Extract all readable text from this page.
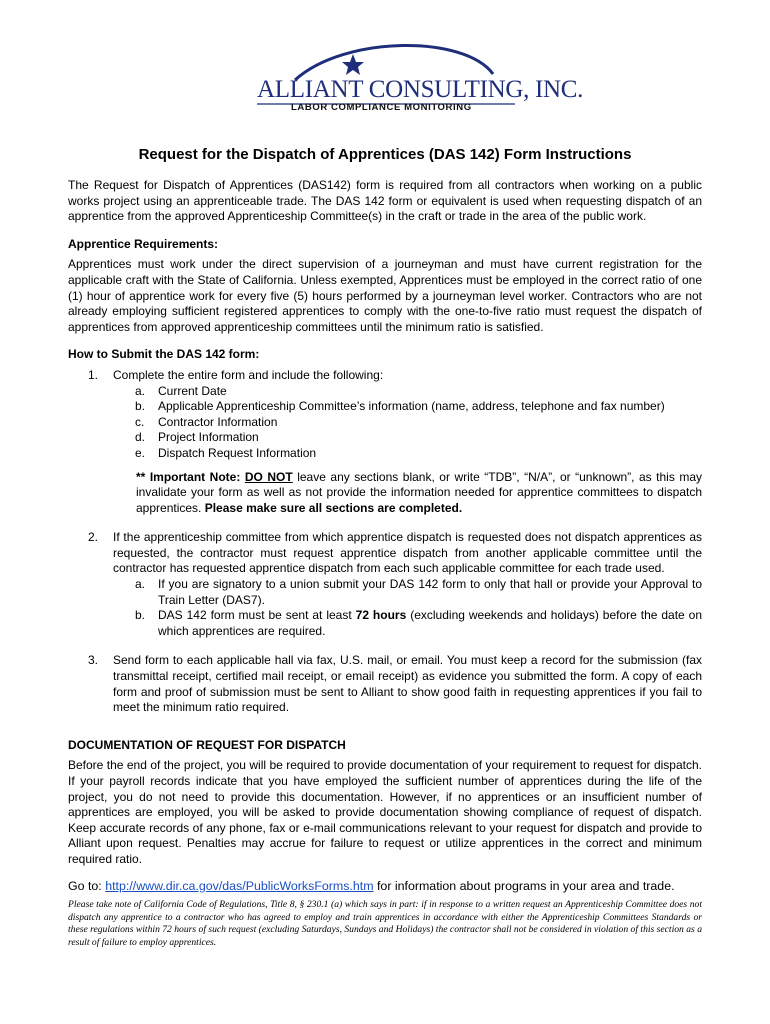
ALLIANT CONSULTING, INC.
LABOR COMPLIANCE MONITORING
Request for the Dispatch of Apprentices (DAS 142) Form Instructions

The Request for Dispatch of Apprentices (DAS142) form is required from all contractors when working on a public works project using an apprenticeable trade. The DAS 142 form or equivalent is used when requesting dispatch of an apprentice from the approved Apprenticeship Committee(s) in the craft or trade in the area of the public work.

Apprentice Requirements:

Apprentices must work under the direct supervision of a journeyman and must have current registration for the applicable craft with the State of California. Unless exempted, Apprentices must be employed in the correct ratio of one (1) hour of apprentice work for every five (5) hours performed by a journeyman level worker. Contractors who are not already employing sufficient registered apprentices to comply with the one-to-five ratio must request the dispatch of apprentices from approved apprenticeship committees until the minimum ratio is satisfied.

How to Submit the DAS 142 form:
1. Complete the entire form and include the following:
a. Current Date
b. Applicable Apprenticeship Committee’s information (name, address, telephone and fax number)
c. Contractor Information
d. Project Information
e. Dispatch Request Information

** Important Note: DO NOT leave any sections blank, or write “TDB”, “N/A”, or “unknown”, as this may invalidate your form as well as not provide the information needed for apprentice committees to dispatch apprentices. Please make sure all sections are completed.

2. If the apprenticeship committee from which apprentice dispatch is requested does not dispatch apprentices as requested, the contractor must request apprentice dispatch from another applicable committee until the contractor has requested apprentice dispatch from each such applicable committee for each trade used.
a. If you are signatory to a union submit your DAS 142 form to only that hall or provide your Approval to Train Letter (DAS7).
b. DAS 142 form must be sent at least 72 hours (excluding weekends and holidays) before the date on which apprentices are required.
3. Send form to each applicable hall via fax, U.S. mail, or email. You must keep a record for the submission (fax transmittal receipt, certified mail receipt, or email receipt) as evidence you submitted the form. A copy of each form and proof of submission must be sent to Alliant to show good faith in requesting apprentices if you fail to meet the minimum ratio required.
DOCUMENTATION OF REQUEST FOR DISPATCH

Before the end of the project, you will be required to provide documentation of your requirement to request for dispatch. If your payroll records indicate that you have employed the sufficient number of apprentices during the life of the project, you do not need to provide this documentation. However, if no apprentices or an insufficient number of apprentices are employed, you will be asked to provide documentation showing compliance of request of dispatch. Keep accurate records of any phone, fax or e-mail communications relevant to your request for dispatch and provide to Alliant upon request. Penalties may accrue for failure to request or utilize apprentices in the correct and minimum required ratio.

Go to: http://www.dir.ca.gov/das/PublicWorksForms.htm for information about programs in your area and trade.

Please take note of California Code of Regulations, Title 8, § 230.1 (a) which says in part: if in response to a written request an Apprenticeship Committee does not dispatch any apprentice to a contractor who has agreed to employ and train apprentices in accordance with either the Apprenticeship Committees Standards or these regulations within 72 hours of such request (excluding Saturdays, Sundays and Holidays) the contractor shall not be considered in violation of this section as a result of failure to employ apprentices.
